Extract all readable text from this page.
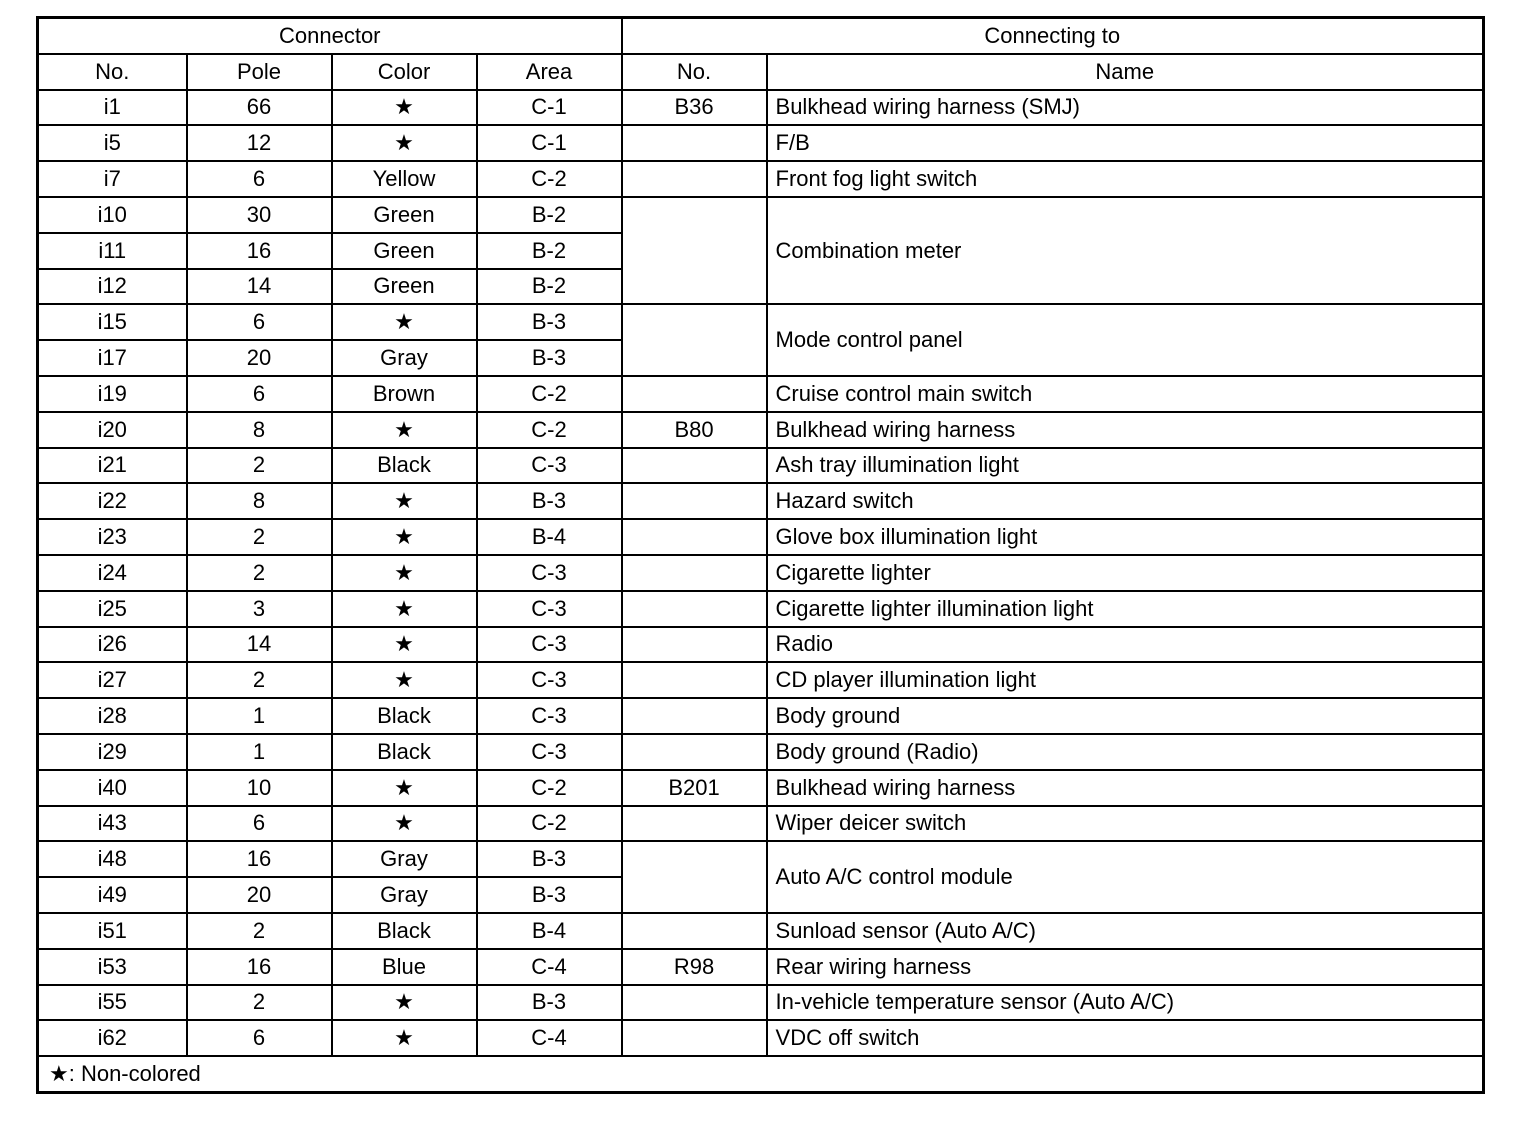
Connector				Connecting to	
No.	Pole	Color	Area	No.	Name
i1	66	★	C-1	B36	Bulkhead wiring harness (SMJ)
i5	12	★	C-1		F/B
i7	6	Yellow	C-2		Front fog light switch
i10	30	Green	B-2		Combination meter
i11	16	Green	B-2		
i12	14	Green	B-2		
i15	6	★	B-3		Mode control panel
i17	20	Gray	B-3		
i19	6	Brown	C-2		Cruise control main switch
i20	8	★	C-2	B80	Bulkhead wiring harness
i21	2	Black	C-3		Ash tray illumination light
i22	8	★	B-3		Hazard switch
i23	2	★	B-4		Glove box illumination light
i24	2	★	C-3		Cigarette lighter
i25	3	★	C-3		Cigarette lighter illumination light
i26	14	★	C-3		Radio
i27	2	★	C-3		CD player illumination light
i28	1	Black	C-3		Body ground
i29	1	Black	C-3		Body ground (Radio)
i40	10	★	C-2	B201	Bulkhead wiring harness
i43	6	★	C-2		Wiper deicer switch
i48	16	Gray	B-3		Auto A/C control module
i49	20	Gray	B-3		
i51	2	Black	B-4		Sunload sensor (Auto A/C)
i53	16	Blue	C-4	R98	Rear wiring harness
i55	2	★	B-3		In-vehicle temperature sensor (Auto A/C)
i62	6	★	C-4		VDC off switch
★: Non-colored					
